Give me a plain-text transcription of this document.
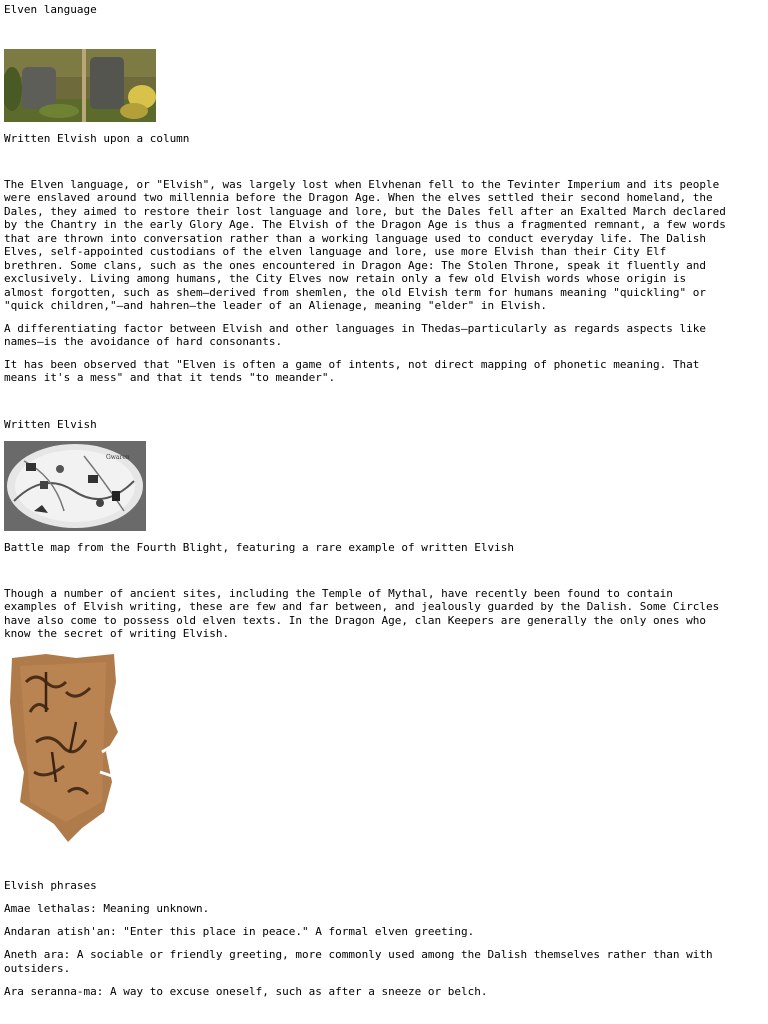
Elven language

Written Elvish upon a column

The Elven language, or "Elvish", was largely lost when Elvhenan fell to the Tevinter Imperium and its people

were enslaved around two millennia before the Dragon Age. When the elves settled their second homeland, the

Dales, they aimed to restore their lost language and lore, but the Dales fell after an Exalted March declared

by the Chantry in the early Glory Age. The Elvish of the Dragon Age is thus a fragmented remnant, a few words

that are thrown into conversation rather than a working language used to conduct everyday life. The Dalish

Elves, self-appointed custodians of the elven language and lore, use more Elvish than their City Elf

brethren. Some clans, such as the ones encountered in Dragon Age: The Stolen Throne, speak it fluently and

exclusively. Living among humans, the City Elves now retain only a few old Elvish words whose origin is

almost forgotten, such as shem—derived from shemlen, the old Elvish term for humans meaning "quickling" or

"quick children,"—and hahren—the leader of an Alienage, meaning "elder" in Elvish.

A differentiating factor between Elvish and other languages in Thedas—particularly as regards aspects like

names—is the avoidance of hard consonants.

It has been observed that "Elven is often a game of intents, not direct mapping of phonetic meaning. That

means it's a mess" and that it tends "to meander".

Written Elvish

Gwaren

Battle map from the Fourth Blight, featuring a rare example of written Elvish

Though a number of ancient sites, including the Temple of Mythal, have recently been found to contain

examples of Elvish writing, these are few and far between, and jealously guarded by the Dalish. Some Circles

have also come to possess old elven texts. In the Dragon Age, clan Keepers are generally the only ones who

know the secret of writing Elvish.

Elvish phrases

Amae lethalas: Meaning unknown.

Andaran atish'an: "Enter this place in peace." A formal elven greeting.

Aneth ara: A sociable or friendly greeting, more commonly used among the Dalish themselves rather than with

outsiders.

Ara seranna-ma: A way to excuse oneself, such as after a sneeze or belch.
